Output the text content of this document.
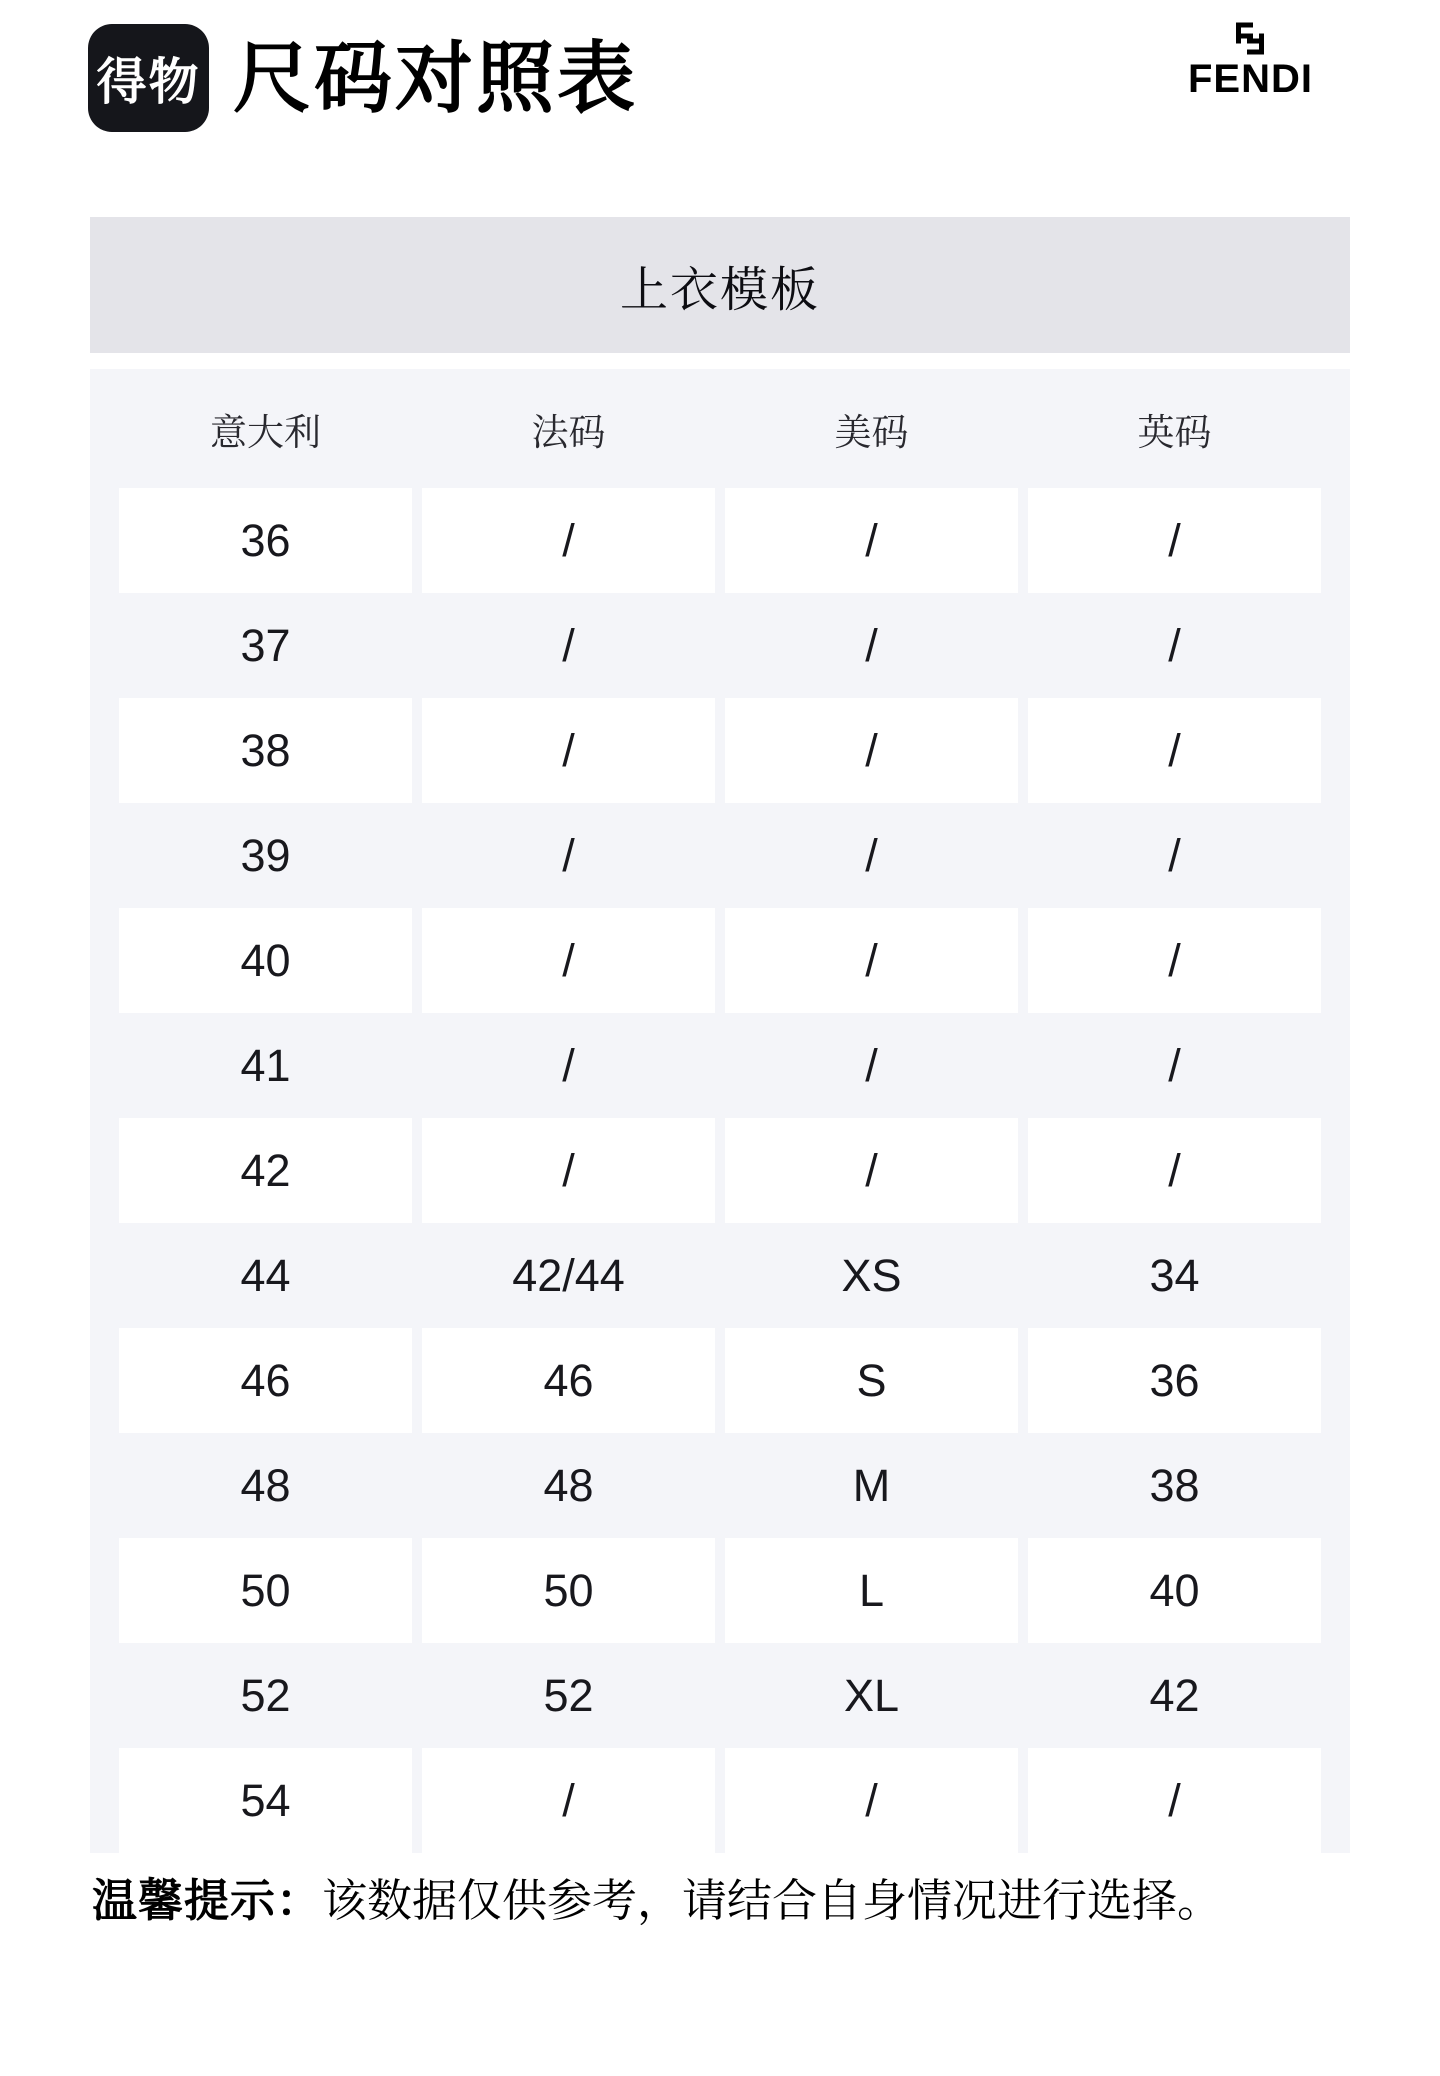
得物 尺码对照表	FENDI
上衣模板
意大利	法码	美码	英码
36	/	/	/
37	/	/	/
38	/	/	/
39	/	/	/
40	/	/	/
41	/	/	/
42	/	/	/
44	42/44	XS	34
46	46	S	36
48	48	M	38
50	50	L	40
52	52	XL	42
54	/	/	/

温馨提示：该数据仅供参考，请结合自身情况进行选择。
